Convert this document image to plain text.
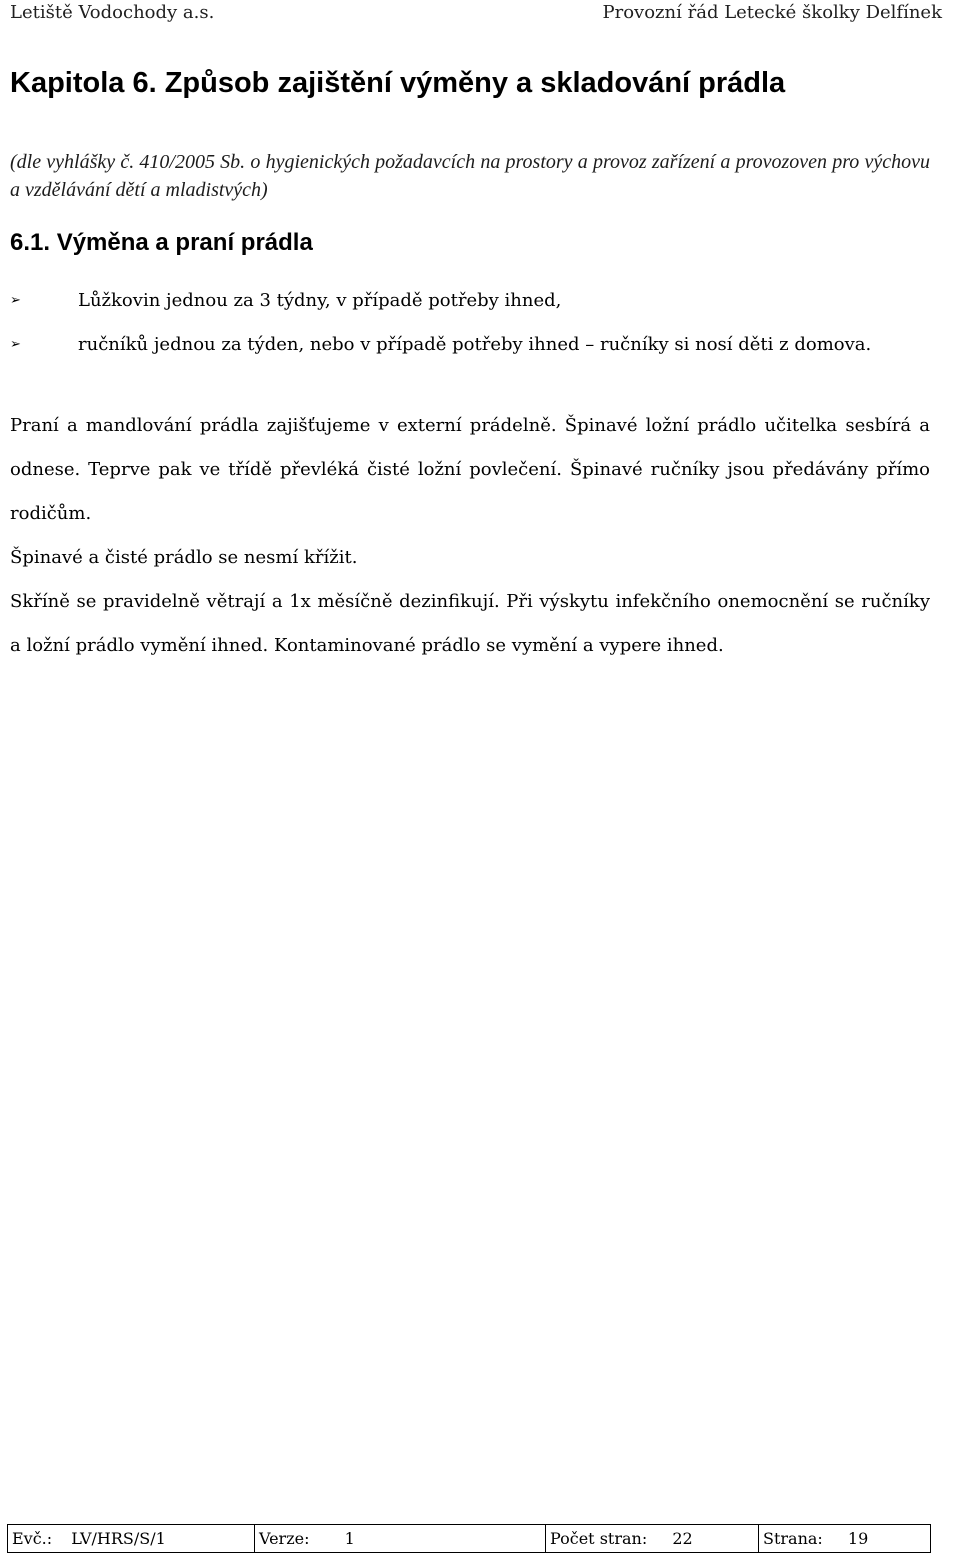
Letiště Vodochody a.s.	Provozní řád Letecké školky Delfínek
Kapitola 6. Způsob zajištění výměny a skladování prádla
(dle vyhlášky č. 410/2005 Sb. o hygienických požadavcích na prostory a provoz zařízení a provozoven pro výchovu a vzdělávání dětí a mladistvých)
6.1. Výměna a praní prádla
➢	Lůžkovin jednou za 3 týdny, v případě potřeby ihned,
➢	ručníků jednou za týden, nebo v případě potřeby ihned – ručníky si nosí děti z domova.

Praní a mandlování prádla zajišťujeme v externí prádelně. Špinavé ložní prádlo učitelka sesbírá a odnese. Teprve pak ve třídě převléká čisté ložní povlečení. Špinavé ručníky jsou předávány přímo rodičům.

Špinavé a čisté prádlo se nesmí křížit.

Skříně se pravidelně větrají a 1x měsíčně dezinfikují. Při výskytu infekčního onemocnění se ručníky a ložní prádlo vymění ihned. Kontaminované prádlo se vymění a vypere ihned.

Evč.: LV/HRS/S/1	Verze: 1	Počet stran: 22	Strana: 19
